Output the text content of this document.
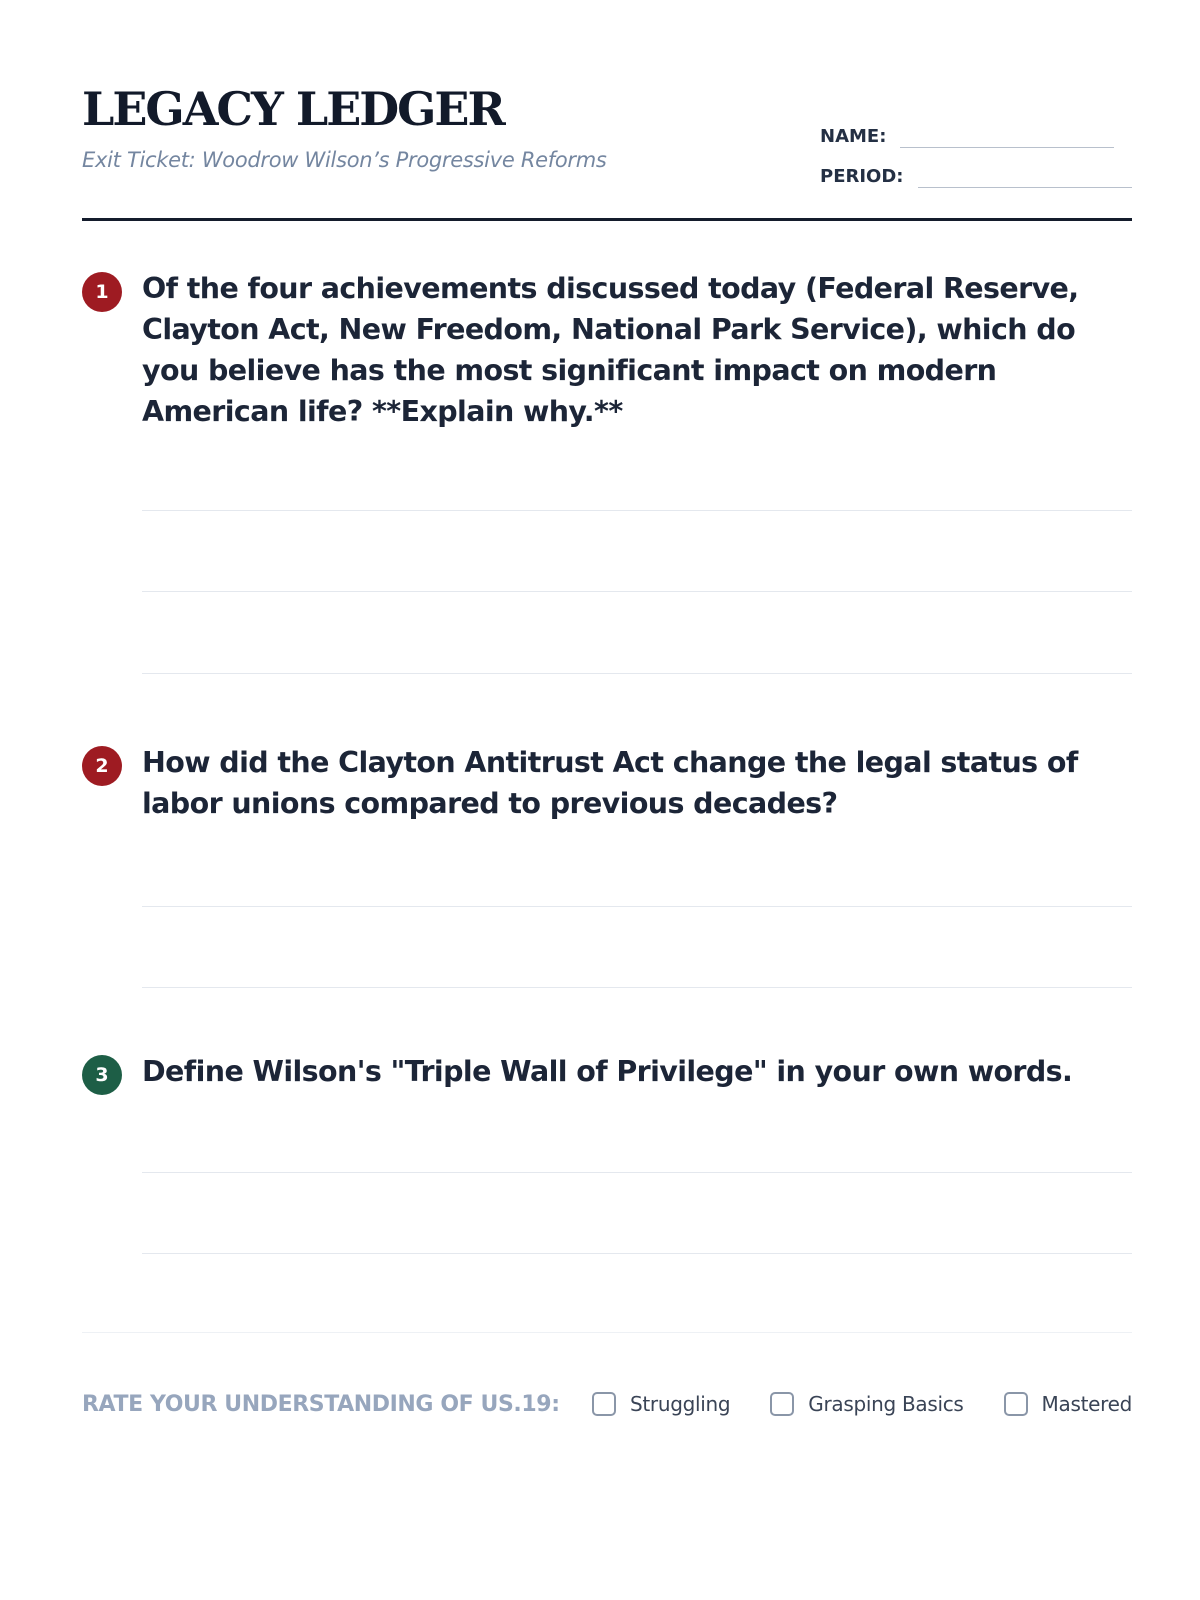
LEGACY LEDGER
Exit Ticket: Woodrow Wilson’s Progressive Reforms
NAME:
PERIOD:
1	Of the four achievements discussed today (Federal Reserve, Clayton Act, New Freedom, National Park Service), which do you believe has the most significant impact on modern American life? **Explain why.**

2	How did the Clayton Antitrust Act change the legal status of labor unions compared to previous decades?

3	Define Wilson's "Triple Wall of Privilege" in your own words.

RATE YOUR UNDERSTANDING OF US.19:	Struggling	Grasping Basics	Mastered
